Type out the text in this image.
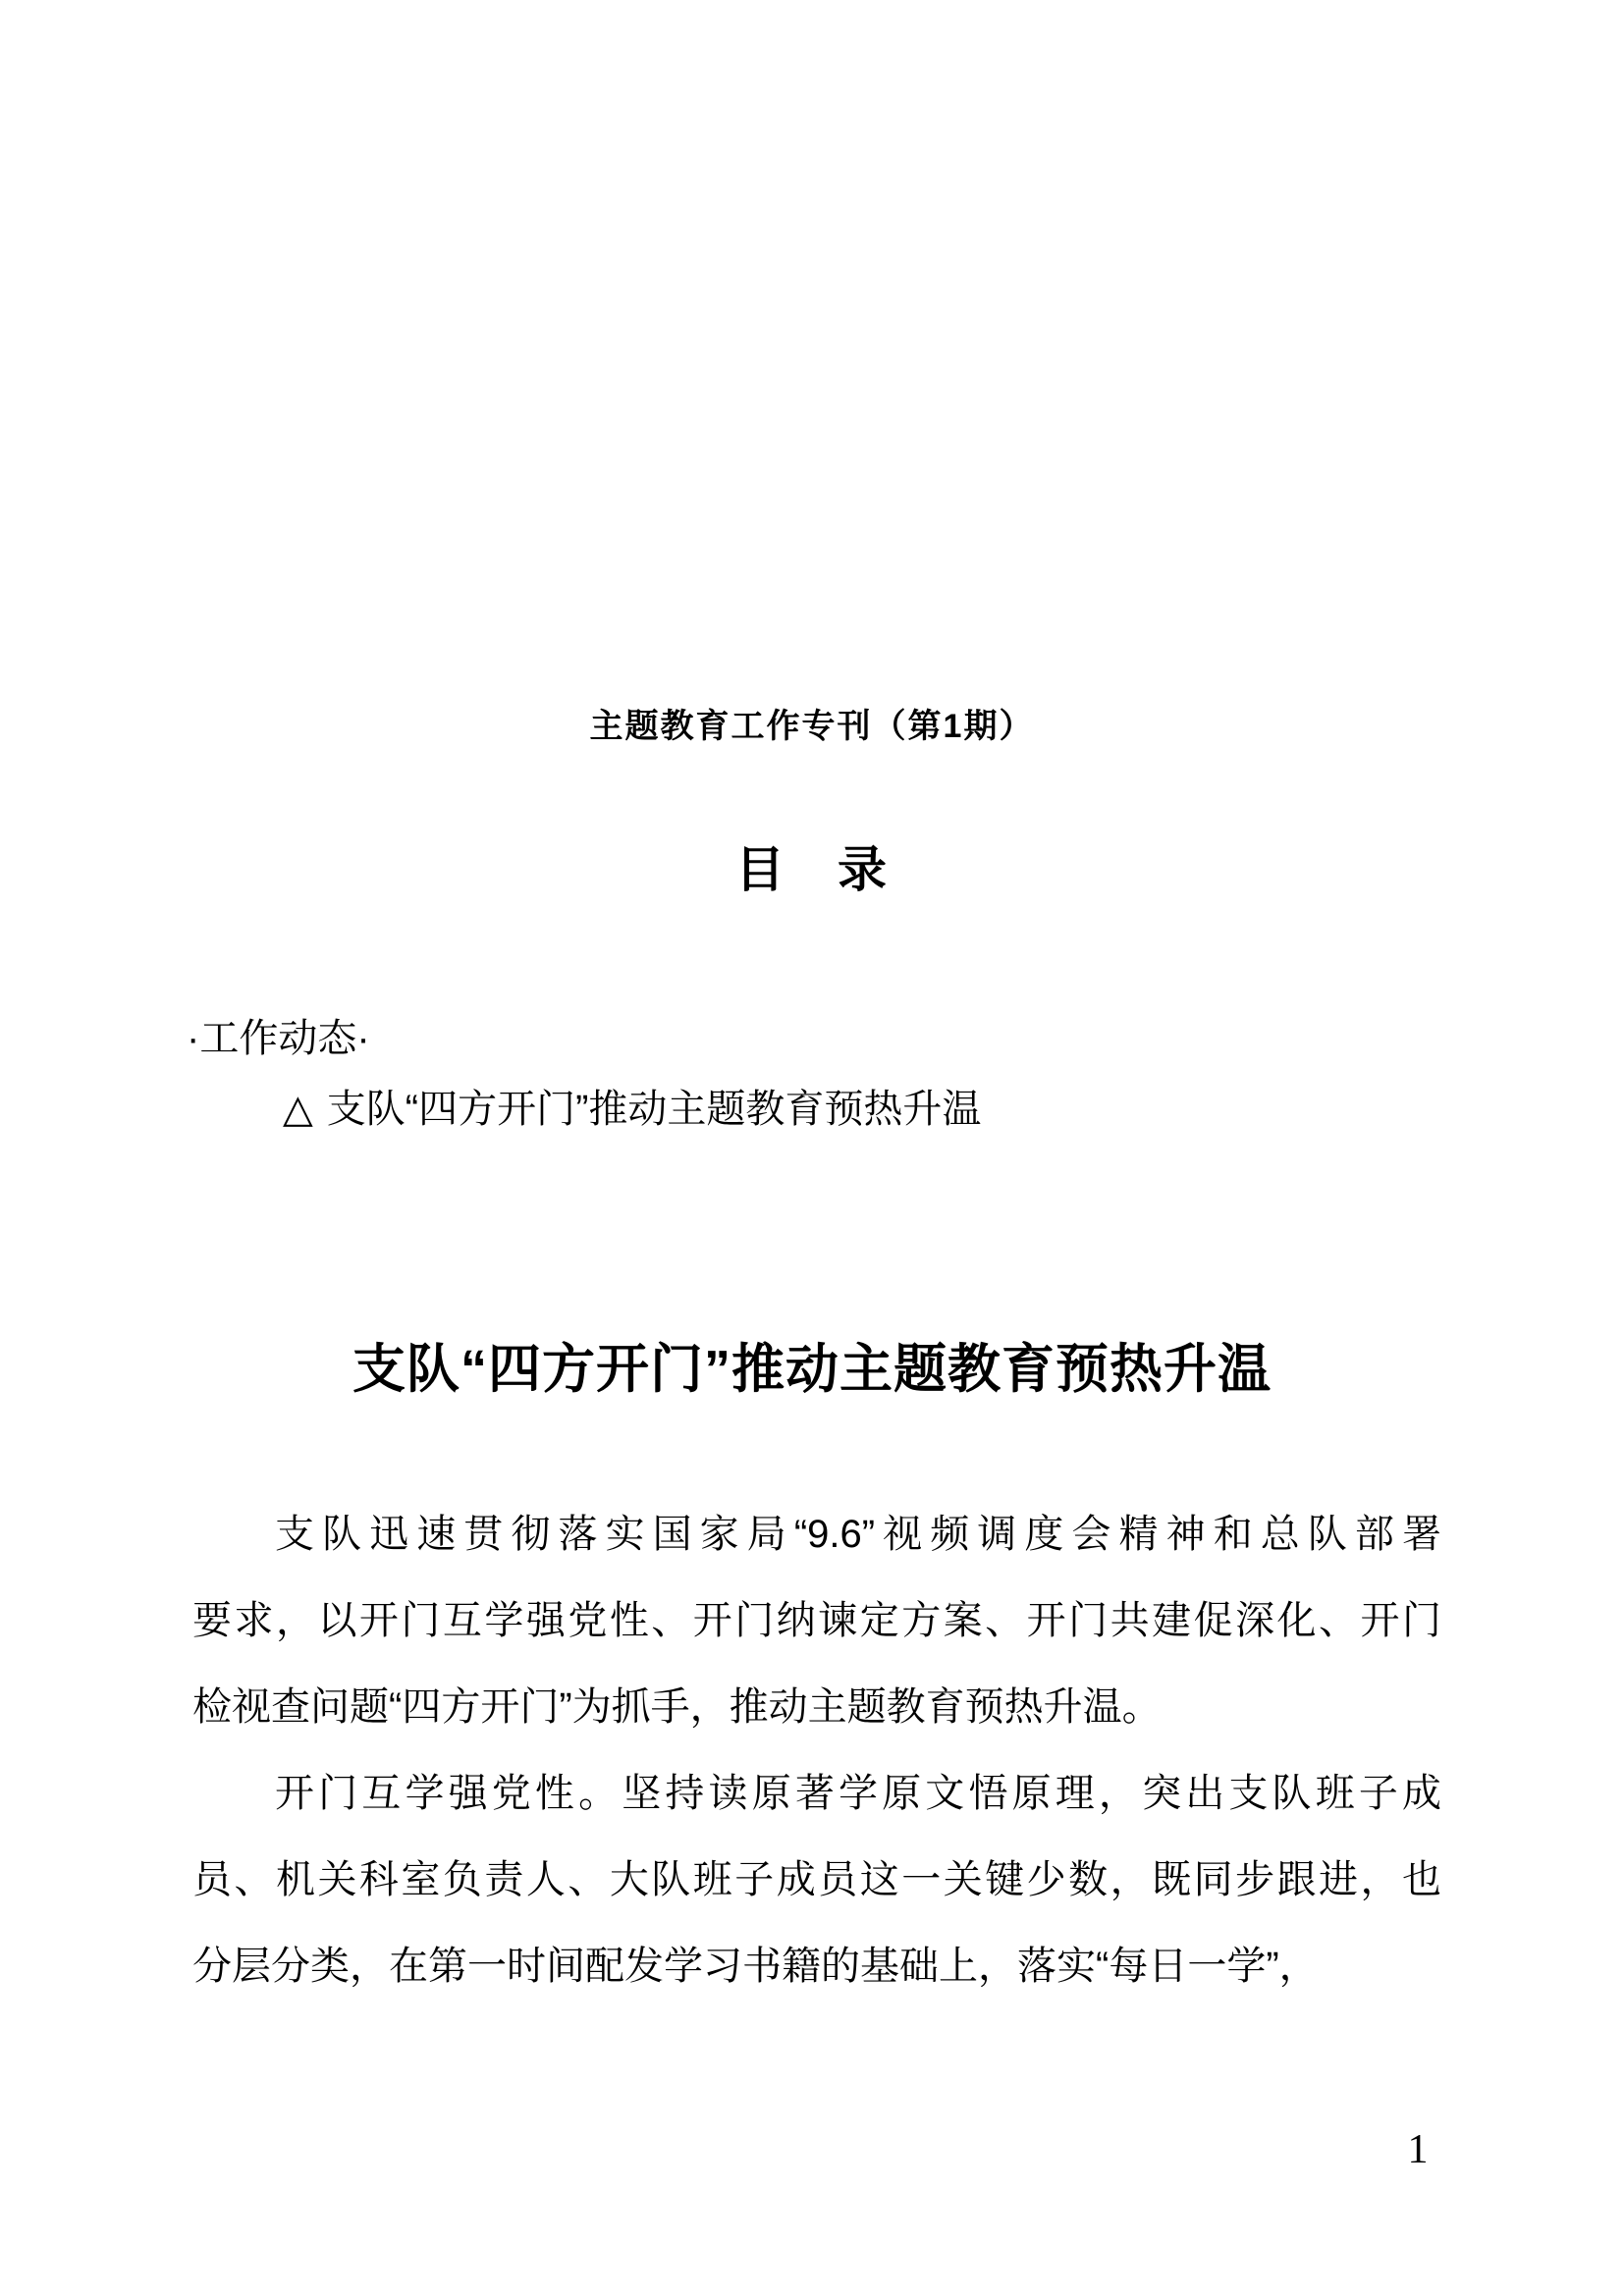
主题教育工作专刊（第1期）
目　录
·工作动态·
△ 支队“四方开门”推动主题教育预热升温
支队“四方开门”推动主题教育预热升温
支队迅速贯彻落实国家局“9.6”视频调度会精神和总队部署
要求，以开门互学强党性、开门纳谏定方案、开门共建促深化、开门
检视查问题“四方开门”为抓手，推动主题教育预热升温。
开门互学强党性。坚持读原著学原文悟原理，突出支队班子成
员、机关科室负责人、大队班子成员这一关键少数，既同步跟进，也
分层分类，在第一时间配发学习书籍的基础上，落实“每日一学”，
1
